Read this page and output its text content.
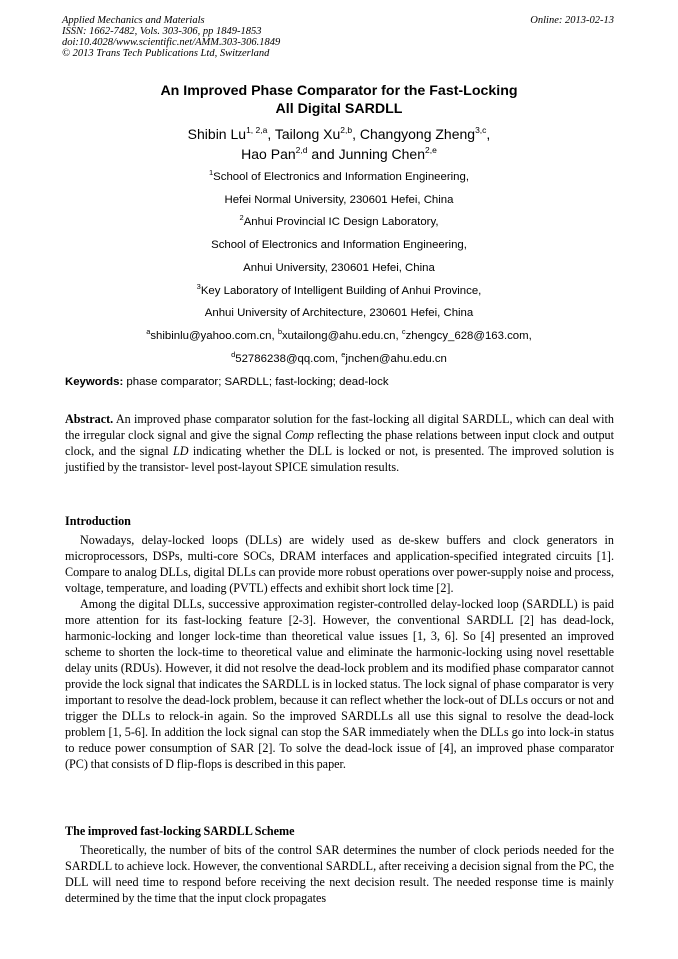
Applied Mechanics and Materials
ISSN: 1662-7482, Vols. 303-306, pp 1849-1853
doi:10.4028/www.scientific.net/AMM.303-306.1849
© 2013 Trans Tech Publications Ltd, Switzerland
Online: 2013-02-13
An Improved Phase Comparator for the Fast-Locking
All Digital SARDLL
Shibin Lu$^{1, 2,a}$, Tailong Xu$^{2,b}$, Changyong Zheng$^{3,c}$,
Hao Pan$^{2,d}$ and Junning Chen$^{2,e}$
$^1$School of Electronics and Information Engineering,
Hefei Normal University, 230601 Hefei, China
$^2$Anhui Provincial IC Design Laboratory,
School of Electronics and Information Engineering,
Anhui University, 230601 Hefei, China
$^3$Key Laboratory of Intelligent Building of Anhui Province,
Anhui University of Architecture, 230601 Hefei, China
$^a$shibinlu@yahoo.com.cn, $^b$xutailong@ahu.edu.cn, $^c$zhengcy_628@163.com,
$^d$52786238@qq.com, $^e$jnchen@ahu.edu.cn
Keywords: phase comparator; SARDLL; fast-locking; dead-lock
Abstract. An improved phase comparator solution for the fast-locking all digital SARDLL, which can deal with the irregular clock signal and give the signal Comp reflecting the phase relations between input clock and output clock, and the signal LD indicating whether the DLL is locked or not, is presented. The improved solution is justified by the transistor- level post-layout SPICE simulation results.
Introduction

Nowadays, delay-locked loops (DLLs) are widely used as de-skew buffers and clock generators in microprocessors, DSPs, multi-core SOCs, DRAM interfaces and application-specified integrated circuits [1]. Compare to analog DLLs, digital DLLs can provide more robust operations over power-supply noise and process, voltage, temperature, and loading (PVTL) effects and exhibit short lock time [2].

Among the digital DLLs, successive approximation register-controlled delay-locked loop (SARDLL) is paid more attention for its fast-locking feature [2-3]. However, the conventional SARDLL [2] has dead-lock, harmonic-locking and longer lock-time than theoretical value issues [1, 3, 6]. So [4] presented an improved scheme to shorten the lock-time to theoretical value and eliminate the harmonic-locking using novel resettable delay units (RDUs). However, it did not resolve the dead-lock problem and its modified phase comparator cannot provide the lock signal that indicates the SARDLL is in locked status. The lock signal of phase comparator is very important to resolve the dead-lock problem, because it can reflect whether the lock-out of DLLs occurs or not and trigger the DLLs to relock-in again. So the improved SARDLLs all use this signal to resolve the dead-lock problem [1, 5-6]. In addition the lock signal can stop the SAR immediately when the DLLs go into lock-in status to reduce power consumption of SAR [2]. To solve the dead-lock issue of [4], an improved phase comparator (PC) that consists of D flip-flops is described in this paper.

The improved fast-locking SARDLL Scheme

Theoretically, the number of bits of the control SAR determines the number of clock periods needed for the SARDLL to achieve lock. However, the conventional SARDLL, after receiving a decision signal from the PC, the DLL will need time to respond before receiving the next decision result. The needed response time is mainly determined by the time that the input clock propagates
